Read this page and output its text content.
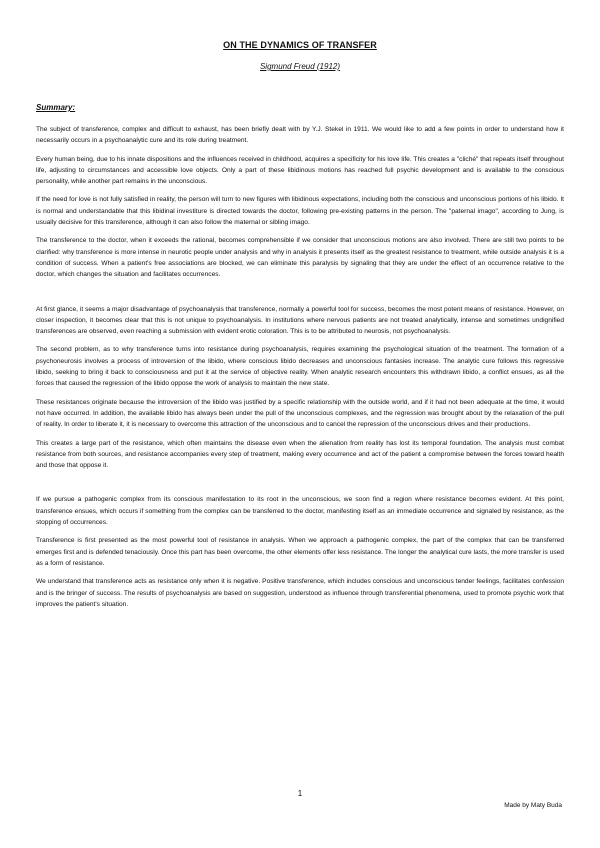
ON THE DYNAMICS OF TRANSFER
Sigmund Freud (1912)
Summary:

The subject of transference, complex and difficult to exhaust, has been briefly dealt with by Y.J. Stekel in 1911. We would like to add a few points in order to understand how it necessarily occurs in a psychoanalytic cure and its role during treatment.

Every human being, due to his innate dispositions and the influences received in childhood, acquires a specificity for his love life. This creates a "cliché" that repeats itself throughout life, adjusting to circumstances and accessible love objects. Only a part of these libidinous motions has reached full psychic development and is available to the conscious personality, while another part remains in the unconscious.

If the need for love is not fully satisfied in reality, the person will turn to new figures with libidinous expectations, including both the conscious and unconscious portions of his libido. It is normal and understandable that this libidinal investiture is directed towards the doctor, following pre-existing patterns in the person. The "paternal imago", according to Jung, is usually decisive for this transference, although it can also follow the maternal or sibling imago.

The transference to the doctor, when it exceeds the rational, becomes comprehensible if we consider that unconscious motions are also involved. There are still two points to be clarified: why transference is more intense in neurotic people under analysis and why in analysis it presents itself as the greatest resistance to treatment, while outside analysis it is a condition of success. When a patient's free associations are blocked, we can eliminate this paralysis by signaling that they are under the effect of an occurrence relative to the doctor, which changes the situation and facilitates occurrences.

At first glance, it seems a major disadvantage of psychoanalysis that transference, normally a powerful tool for success, becomes the most potent means of resistance. However, on closer inspection, it becomes clear that this is not unique to psychoanalysis. In institutions where nervous patients are not treated analytically, intense and sometimes undignified transferences are observed, even reaching a submission with evident erotic coloration. This is to be attributed to neurosis, not psychoanalysis.

The second problem, as to why transference turns into resistance during psychoanalysis, requires examining the psychological situation of the treatment. The formation of a psychoneurosis involves a process of introversion of the libido, where conscious libido decreases and unconscious fantasies increase. The analytic cure follows this regressive libido, seeking to bring it back to consciousness and put it at the service of objective reality. When analytic research encounters this withdrawn libido, a conflict ensues, as all the forces that caused the regression of the libido oppose the work of analysis to maintain the new state.

These resistances originate because the introversion of the libido was justified by a specific relationship with the outside world, and if it had not been adequate at the time, it would not have occurred. In addition, the available libido has always been under the pull of the unconscious complexes, and the regression was brought about by the relaxation of the pull of reality. In order to liberate it, it is necessary to overcome this attraction of the unconscious and to cancel the repression of the unconscious drives and their productions.

This creates a large part of the resistance, which often maintains the disease even when the alienation from reality has lost its temporal foundation. The analysis must combat resistance from both sources, and resistance accompanies every step of treatment, making every occurrence and act of the patient a compromise between the forces toward health and those that oppose it.

If we pursue a pathogenic complex from its conscious manifestation to its root in the unconscious, we soon find a region where resistance becomes evident. At this point, transference ensues, which occurs if something from the complex can be transferred to the doctor, manifesting itself as an immediate occurrence and signaled by resistance, as the stopping of occurrences.

Transference is first presented as the most powerful tool of resistance in analysis. When we approach a pathogenic complex, the part of the complex that can be transferred emerges first and is defended tenaciously. Once this part has been overcome, the other elements offer less resistance. The longer the analytical cure lasts, the more transfer is used as a form of resistance.

We understand that transference acts as resistance only when it is negative. Positive transference, which includes conscious and unconscious tender feelings, facilitates confession and is the bringer of success. The results of psychoanalysis are based on suggestion, understood as influence through transferential phenomena, used to promote psychic work that improves the patient's situation.

1
Made by Maty Buda
